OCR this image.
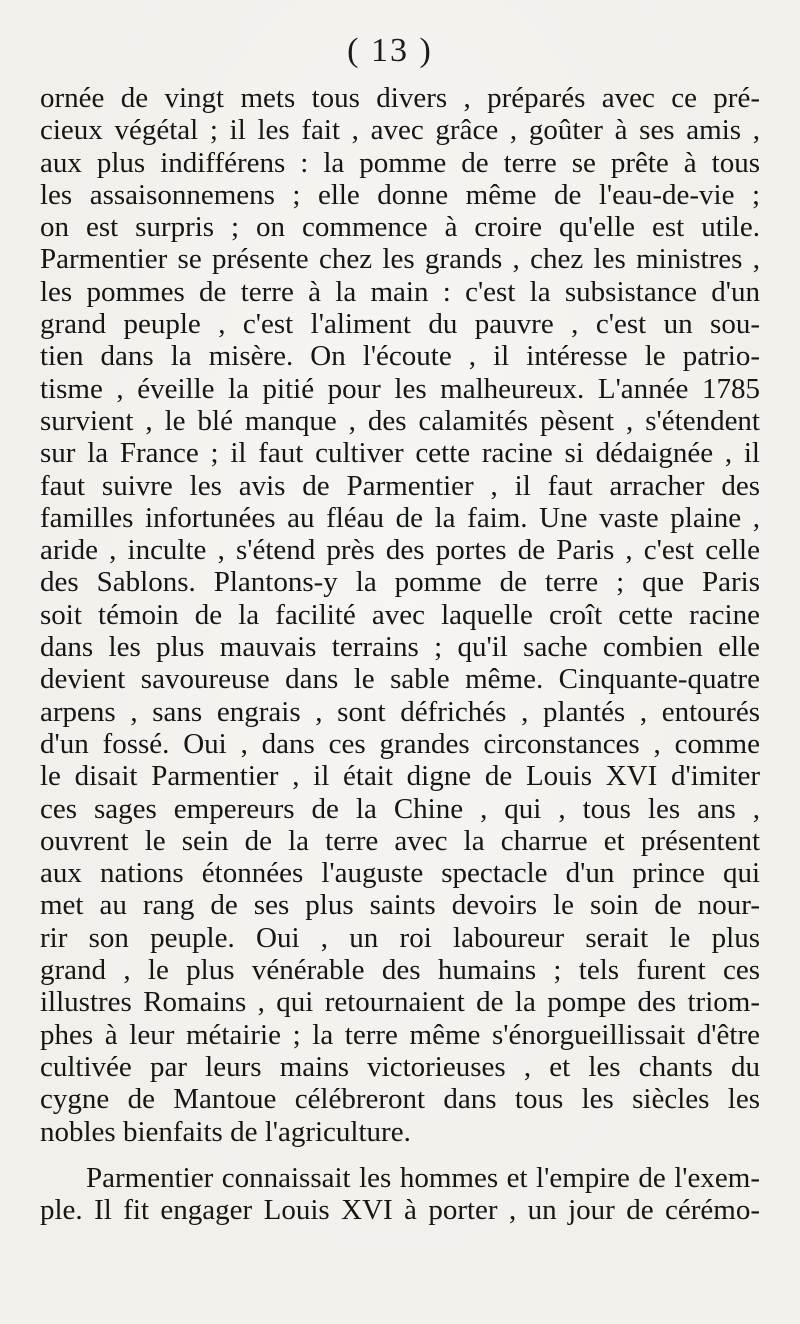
( 13 )
ornée de vingt mets tous divers , préparés avec ce pré-
cieux végétal ; il les fait , avec grâce , goûter à ses amis ,
aux plus indifférens : la pomme de terre se prête à tous
les assaisonnemens ; elle donne même de l'eau-de-vie ;
on est surpris ; on commence à croire qu'elle est utile.
Parmentier se présente chez les grands , chez les ministres ,
les pommes de terre à la main : c'est la subsistance d'un
grand peuple , c'est l'aliment du pauvre , c'est un sou-
tien dans la misère. On l'écoute , il intéresse le patrio-
tisme , éveille la pitié pour les malheureux. L'année 1785
survient , le blé manque , des calamités pèsent , s'étendent
sur la France ; il faut cultiver cette racine si dédaignée , il
faut suivre les avis de Parmentier , il faut arracher des
familles infortunées au fléau de la faim. Une vaste plaine ,
aride , inculte , s'étend près des portes de Paris , c'est celle
des Sablons. Plantons-y la pomme de terre ; que Paris
soit témoin de la facilité avec laquelle croît cette racine
dans les plus mauvais terrains ; qu'il sache combien elle
devient savoureuse dans le sable même. Cinquante-quatre
arpens , sans engrais , sont défrichés , plantés , entourés
d'un fossé. Oui , dans ces grandes circonstances , comme
le disait Parmentier , il était digne de Louis XVI d'imiter
ces sages empereurs de la Chine , qui , tous les ans ,
ouvrent le sein de la terre avec la charrue et présentent
aux nations étonnées l'auguste spectacle d'un prince qui
met au rang de ses plus saints devoirs le soin de nour-
rir son peuple. Oui , un roi laboureur serait le plus
grand , le plus vénérable des humains ; tels furent ces
illustres Romains , qui retournaient de la pompe des triom-
phes à leur métairie ; la terre même s'énorgueillissait d'être
cultivée par leurs mains victorieuses , et les chants du
cygne de Mantoue célébreront dans tous les siècles les
nobles bienfaits de l'agriculture.
Parmentier connaissait les hommes et l'empire de l'exem-
ple. Il fit engager Louis XVI à porter , un jour de cérémo-
